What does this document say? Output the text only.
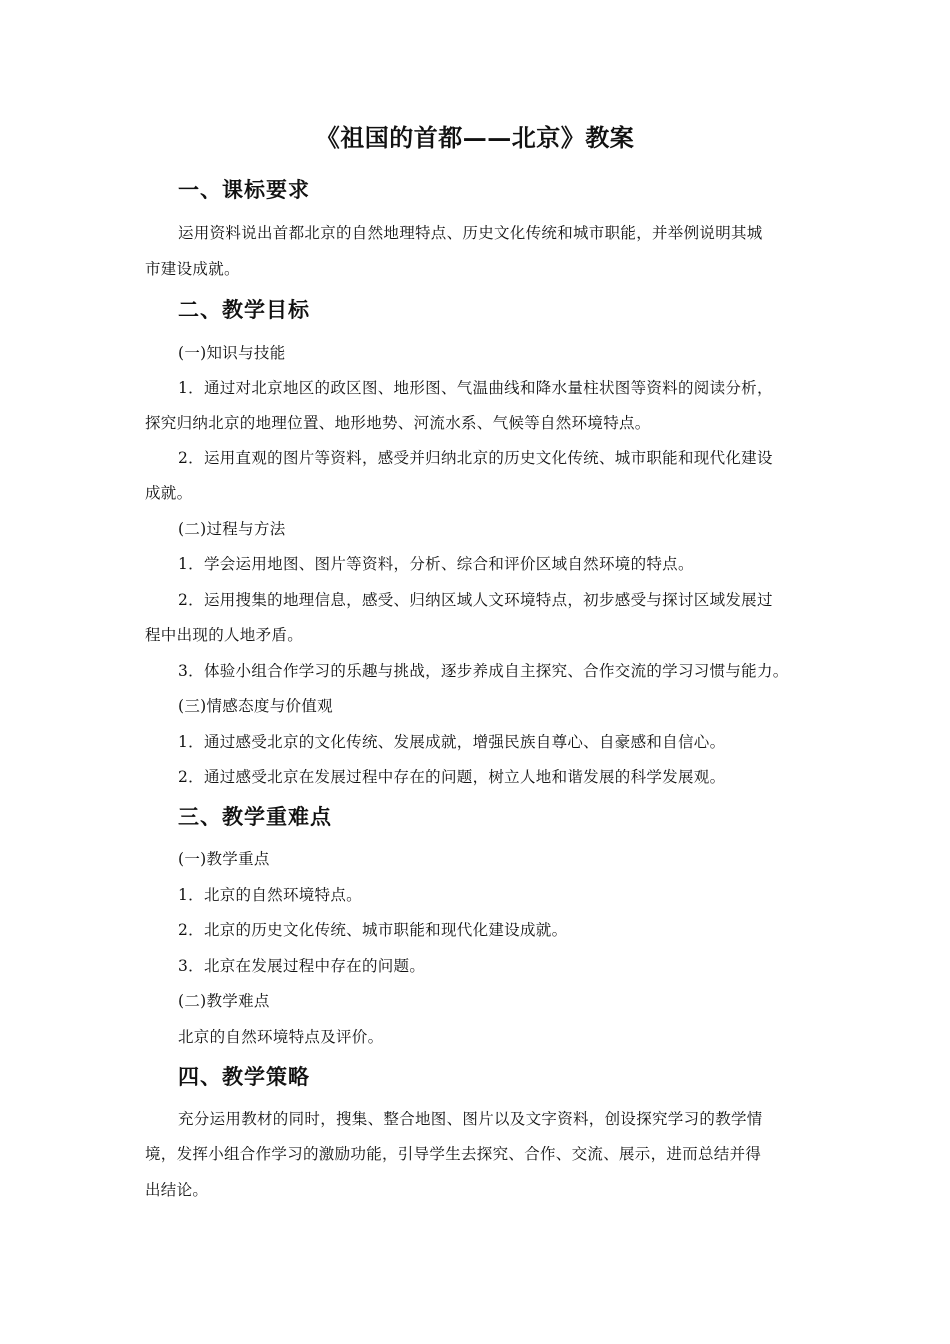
《祖国的首都——北京》教案
一、课标要求
运用资料说出首都北京的自然地理特点、历史文化传统和城市职能，并举例说明其城
市建设成就。
二、教学目标
(一)知识与技能
1．通过对北京地区的政区图、地形图、气温曲线和降水量柱状图等资料的阅读分析，
探究归纳北京的地理位置、地形地势、河流水系、气候等自然环境特点。
2．运用直观的图片等资料，感受并归纳北京的历史文化传统、城市职能和现代化建设
成就。
(二)过程与方法
1．学会运用地图、图片等资料，分析、综合和评价区域自然环境的特点。
2．运用搜集的地理信息，感受、归纳区域人文环境特点，初步感受与探讨区域发展过
程中出现的人地矛盾。
3．体验小组合作学习的乐趣与挑战，逐步养成自主探究、合作交流的学习习惯与能力。
(三)情感态度与价值观
1．通过感受北京的文化传统、发展成就，增强民族自尊心、自豪感和自信心。
2．通过感受北京在发展过程中存在的问题，树立人地和谐发展的科学发展观。
三、教学重难点
(一)教学重点
1．北京的自然环境特点。
2．北京的历史文化传统、城市职能和现代化建设成就。
3．北京在发展过程中存在的问题。
(二)教学难点
北京的自然环境特点及评价。
四、教学策略
充分运用教材的同时，搜集、整合地图、图片以及文字资料，创设探究学习的教学情
境，发挥小组合作学习的激励功能，引导学生去探究、合作、交流、展示，进而总结并得
出结论。
